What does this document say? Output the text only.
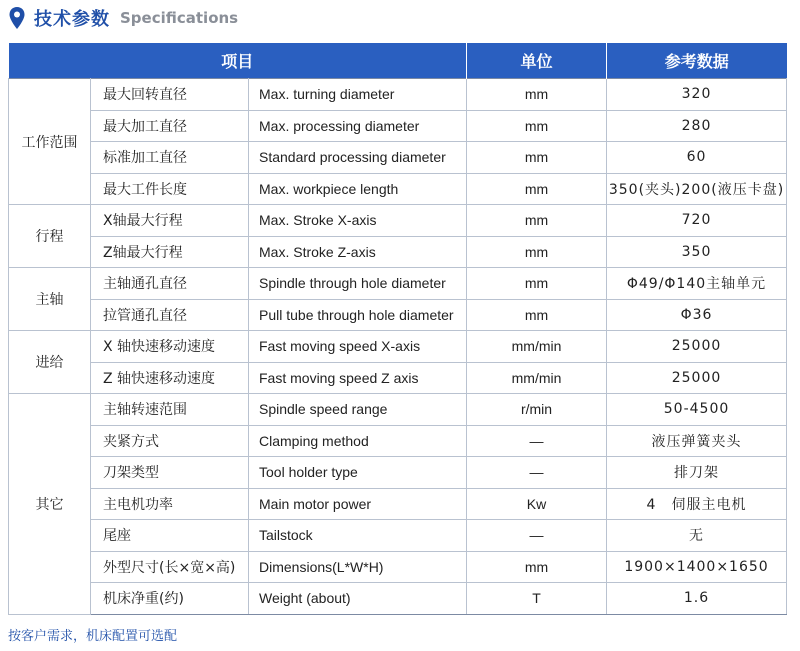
技术参数 Specifications
项目			单位	参考数据
工作范围	最大回转直径	Max. turning diameter	mm	320
	最大加工直径	Max. processing diameter	mm	280
	标准加工直径	Standard processing diameter	mm	60
	最大工件长度	Max. workpiece length	mm	350(夹头)200(液压卡盘)
行程	X轴最大行程	Max. Stroke X-axis	mm	720
	Z轴最大行程	Max. Stroke Z-axis	mm	350
主轴	主轴通孔直径	Spindle through hole diameter	mm	Φ49/Φ140主轴单元
	拉管通孔直径	Pull tube through hole diameter	mm	Φ36
进给	X 轴快速移动速度	Fast moving speed X-axis	mm/min	25000
	Z 轴快速移动速度	Fast moving speed Z axis	mm/min	25000
其它	主轴转速范围	Spindle speed range	r/min	50-4500
	夹紧方式	Clamping method	—	液压弹簧夹头
	刀架类型	Tool holder type	—	排刀架
	主电机功率	Main motor power	Kw	4　伺服主电机
	尾座	Tailstock	—	无
	外型尺寸(长×宽×高)	Dimensions(L*W*H)	mm	1900×1400×1650
	机床净重(约)	Weight (about)	T	1.6
按客户需求，机床配置可选配
